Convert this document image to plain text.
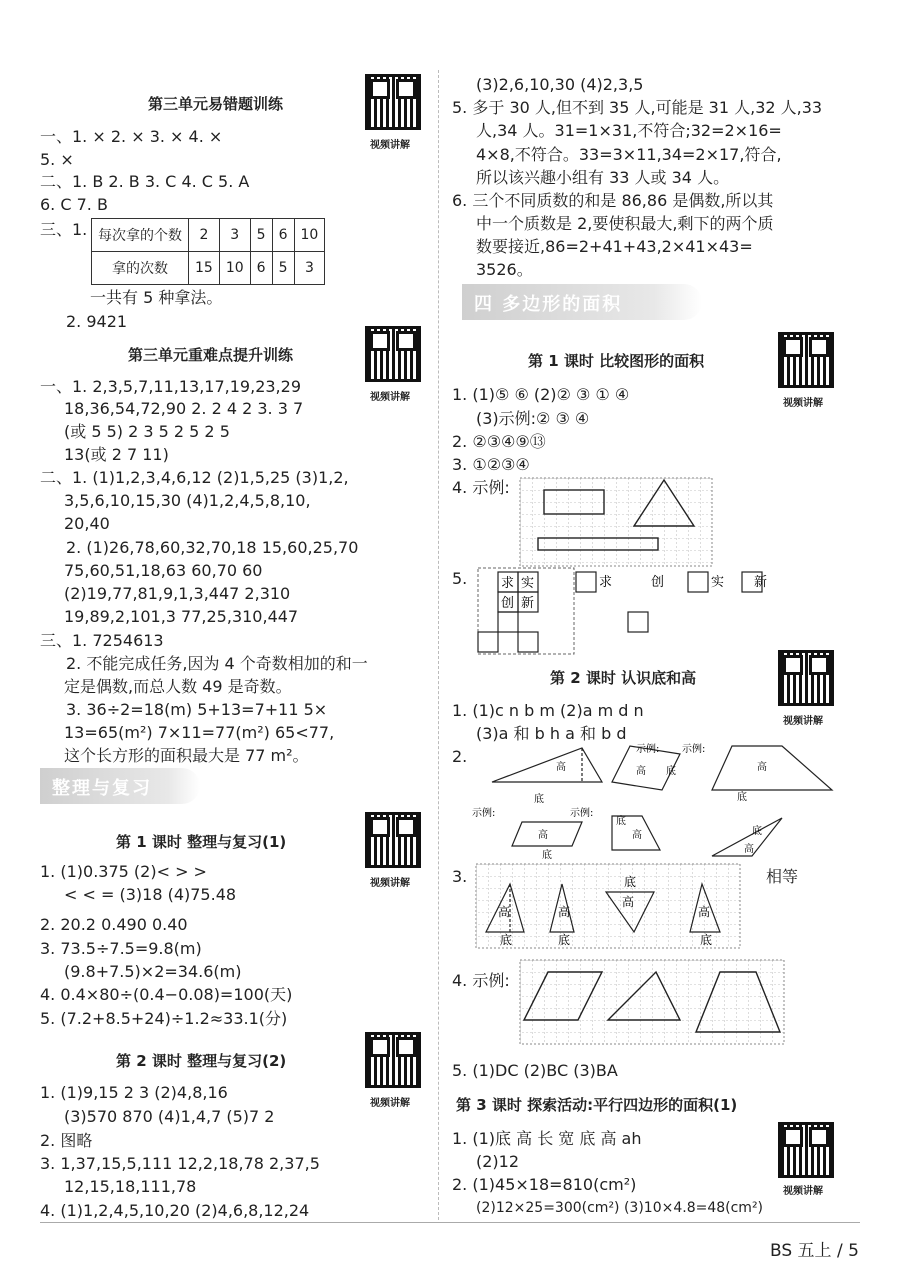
第三单元易错题训练
视频讲解
一、1. × 2. × 3. × 4. ×
5. ×
二、1. B 2. B 3. C 4. C 5. A
6. C 7. B
三、1. 每次拿的个数	2	3	5	6	10
拿的次数	15	10	6	5	3
一共有 5 种拿法。
2. 9421
第三单元重难点提升训练
视频讲解
一、1. 2,3,5,7,11,13,17,19,23,29
18,36,54,72,90 2. 2 4 2 3. 3 7
(或 5 5) 2 3 5 2 5 2 5
13(或 2 7 11)
二、1. (1)1,2,3,4,6,12 (2)1,5,25 (3)1,2,
3,5,6,10,15,30 (4)1,2,4,5,8,10,
20,40
2. (1)26,78,60,32,70,18 15,60,25,70
75,60,51,18,63 60,70 60
(2)19,77,81,9,1,3,447 2,310
19,89,2,101,3 77,25,310,447
三、1. 7254613
2. 不能完成任务,因为 4 个奇数相加的和一
定是偶数,而总人数 49 是奇数。
3. 36÷2=18(m) 5+13=7+11 5×
13=65(m²) 7×11=77(m²) 65<77,
这个长方形的面积最大是 77 m²。
整理与复习
第 1 课时 整理与复习(1)
视频讲解
1. (1)0.375 (2)< > >
< < = (3)18 (4)75.48
2. 20.2 0.490 0.40
3. 73.5÷7.5=9.8(m)
(9.8+7.5)×2=34.6(m)
4. 0.4×80÷(0.4−0.08)=100(天)
5. (7.2+8.5+24)÷1.2≈33.1(分)
第 2 课时 整理与复习(2)
视频讲解
1. (1)9,15 2 3 (2)4,8,16
(3)570 870 (4)1,4,7 (5)7 2
2. 图略
3. 1,37,15,5,111 12,2,18,78 2,37,5
12,15,18,111,78
4. (1)1,2,4,5,10,20 (2)4,6,8,12,24
(3)2,6,10,30 (4)2,3,5
5. 多于 30 人,但不到 35 人,可能是 31 人,32 人,33
人,34 人。31=1×31,不符合;32=2×16=
4×8,不符合。33=3×11,34=2×17,符合,
所以该兴趣小组有 33 人或 34 人。
6. 三个不同质数的和是 86,86 是偶数,所以其
中一个质数是 2,要使积最大,剩下的两个质
数要接近,86=2+41+43,2×41×43=
3526。
四 多边形的面积
第 1 课时 比较图形的面积
视频讲解
1. (1)⑤ ⑥ (2)② ③ ① ④
(3)示例:② ③ ④
2. ②③④⑨⑬
3. ①②③④
4. 示例:
5.	求 实
创 新
求	创	实 新
第 2 课时 认识底和高
视频讲解
1. (1)c n b m (2)a m d n
(3)a 和 b h a 和 b d
2.
底
高
示例:
高 底
示例:
高
底
示例:
高
底
示例:
底
高	底
高
3.
高
底
高
底
底
高
高
底
相等
4. 示例:
5. (1)DC (2)BC (3)BA
第 3 课时 探索活动:平行四边形的面积(1)
视频讲解
1. (1)底 高 长 宽 底 高 ah
(2)12
2. (1)45×18=810(cm²)
(2)12×25=300(cm²) (3)10×4.8=48(cm²)
BS 五上 / 5
